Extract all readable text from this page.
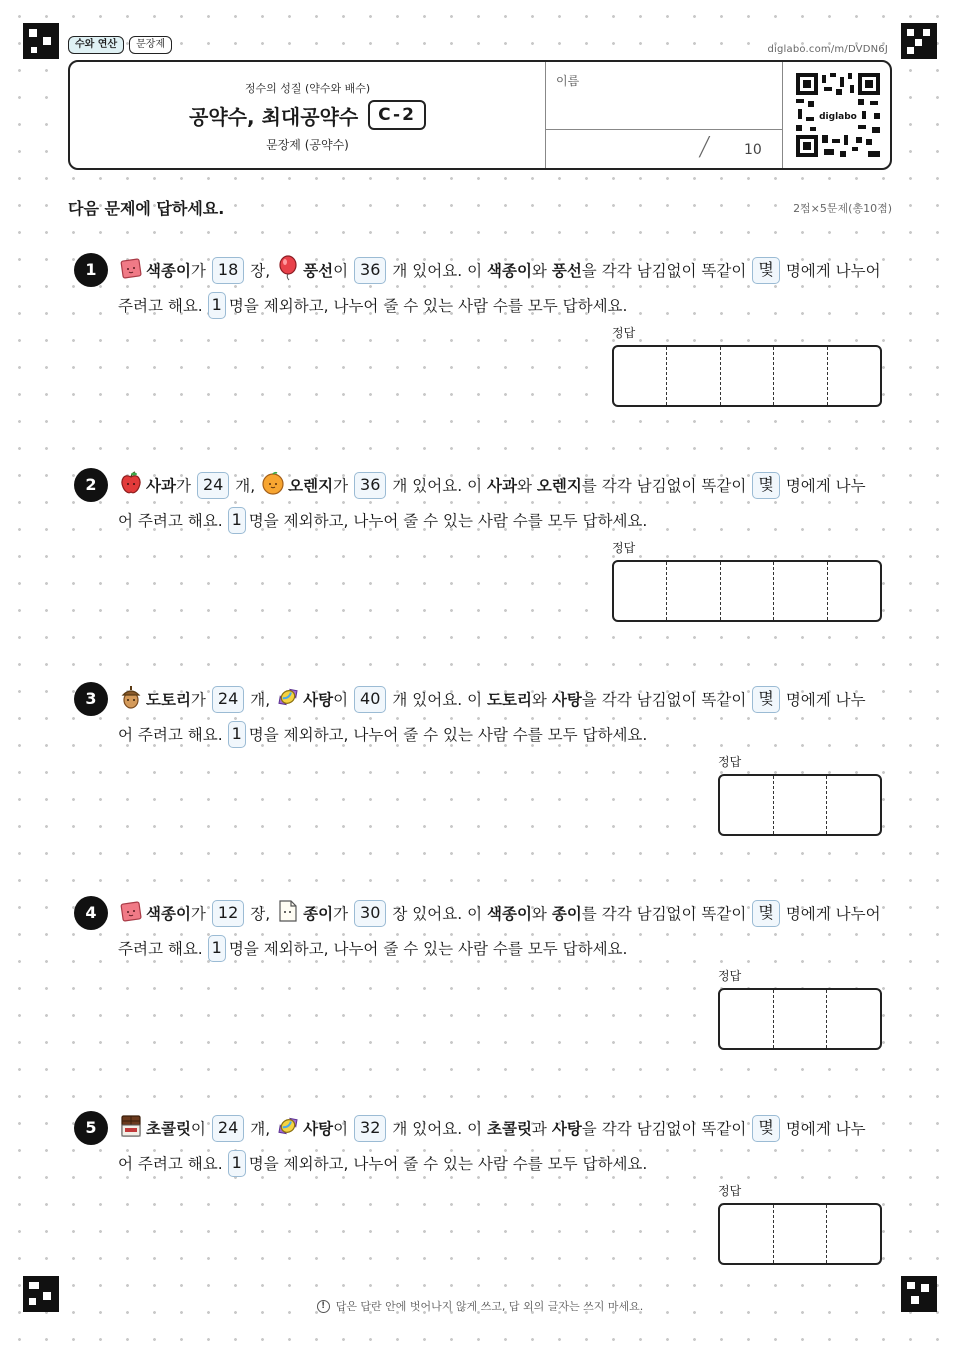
수와 연산	문장제	diglabo.com/m/DVDN6J
정수의 성질 (약수와 배수)
공약수, 최대공약수	C-2
문장제 (공약수)
이름
/ 10
diglabo
다음 문제에 답하세요.	2점×5문제(총10점)
1	색종이 가 18 장,
풍선 이 36 개 있어요. 이
색종이 와
풍선 을
각각 남김없이 똑같이 몇 명에게 나누어
주려고 해요.
1 명을 제외하고, 나누어 줄 수 있는 사람 수를 모두 답하세요.
정답
2	사과 가 24 개,
오렌지 가 36 개 있어요. 이
사과 와
오렌지 를
각각 남김없이 똑같이 몇 명에게 나누
어 주려고 해요.
1 명을 제외하고, 나누어 줄 수 있는 사람 수를 모두 답하세요.
정답
3	도토리 가 24 개,
사탕 이 40 개 있어요. 이
도토리 와
사탕 을
각각 남김없이 똑같이 몇 명에게 나누
어 주려고 해요.
1 명을 제외하고, 나누어 줄 수 있는 사람 수를 모두 답하세요.
정답
4	색종이 가 12 장,
종이 가 30 장 있어요. 이
색종이 와
종이 를
각각 남김없이 똑같이 몇 명에게 나누어
주려고 해요.
1 명을 제외하고, 나누어 줄 수 있는 사람 수를 모두 답하세요.
정답
5	초콜릿 이 24 개,
사탕 이 32 개 있어요. 이
초콜릿 과
사탕 을
각각 남김없이 똑같이 몇 명에게 나누
어 주려고 해요.
1 명을 제외하고, 나누어 줄 수 있는 사람 수를 모두 답하세요.
정답
! 답은 답란 안에 벗어나지 않게 쓰고, 답 외의 글자는 쓰지 마세요.
